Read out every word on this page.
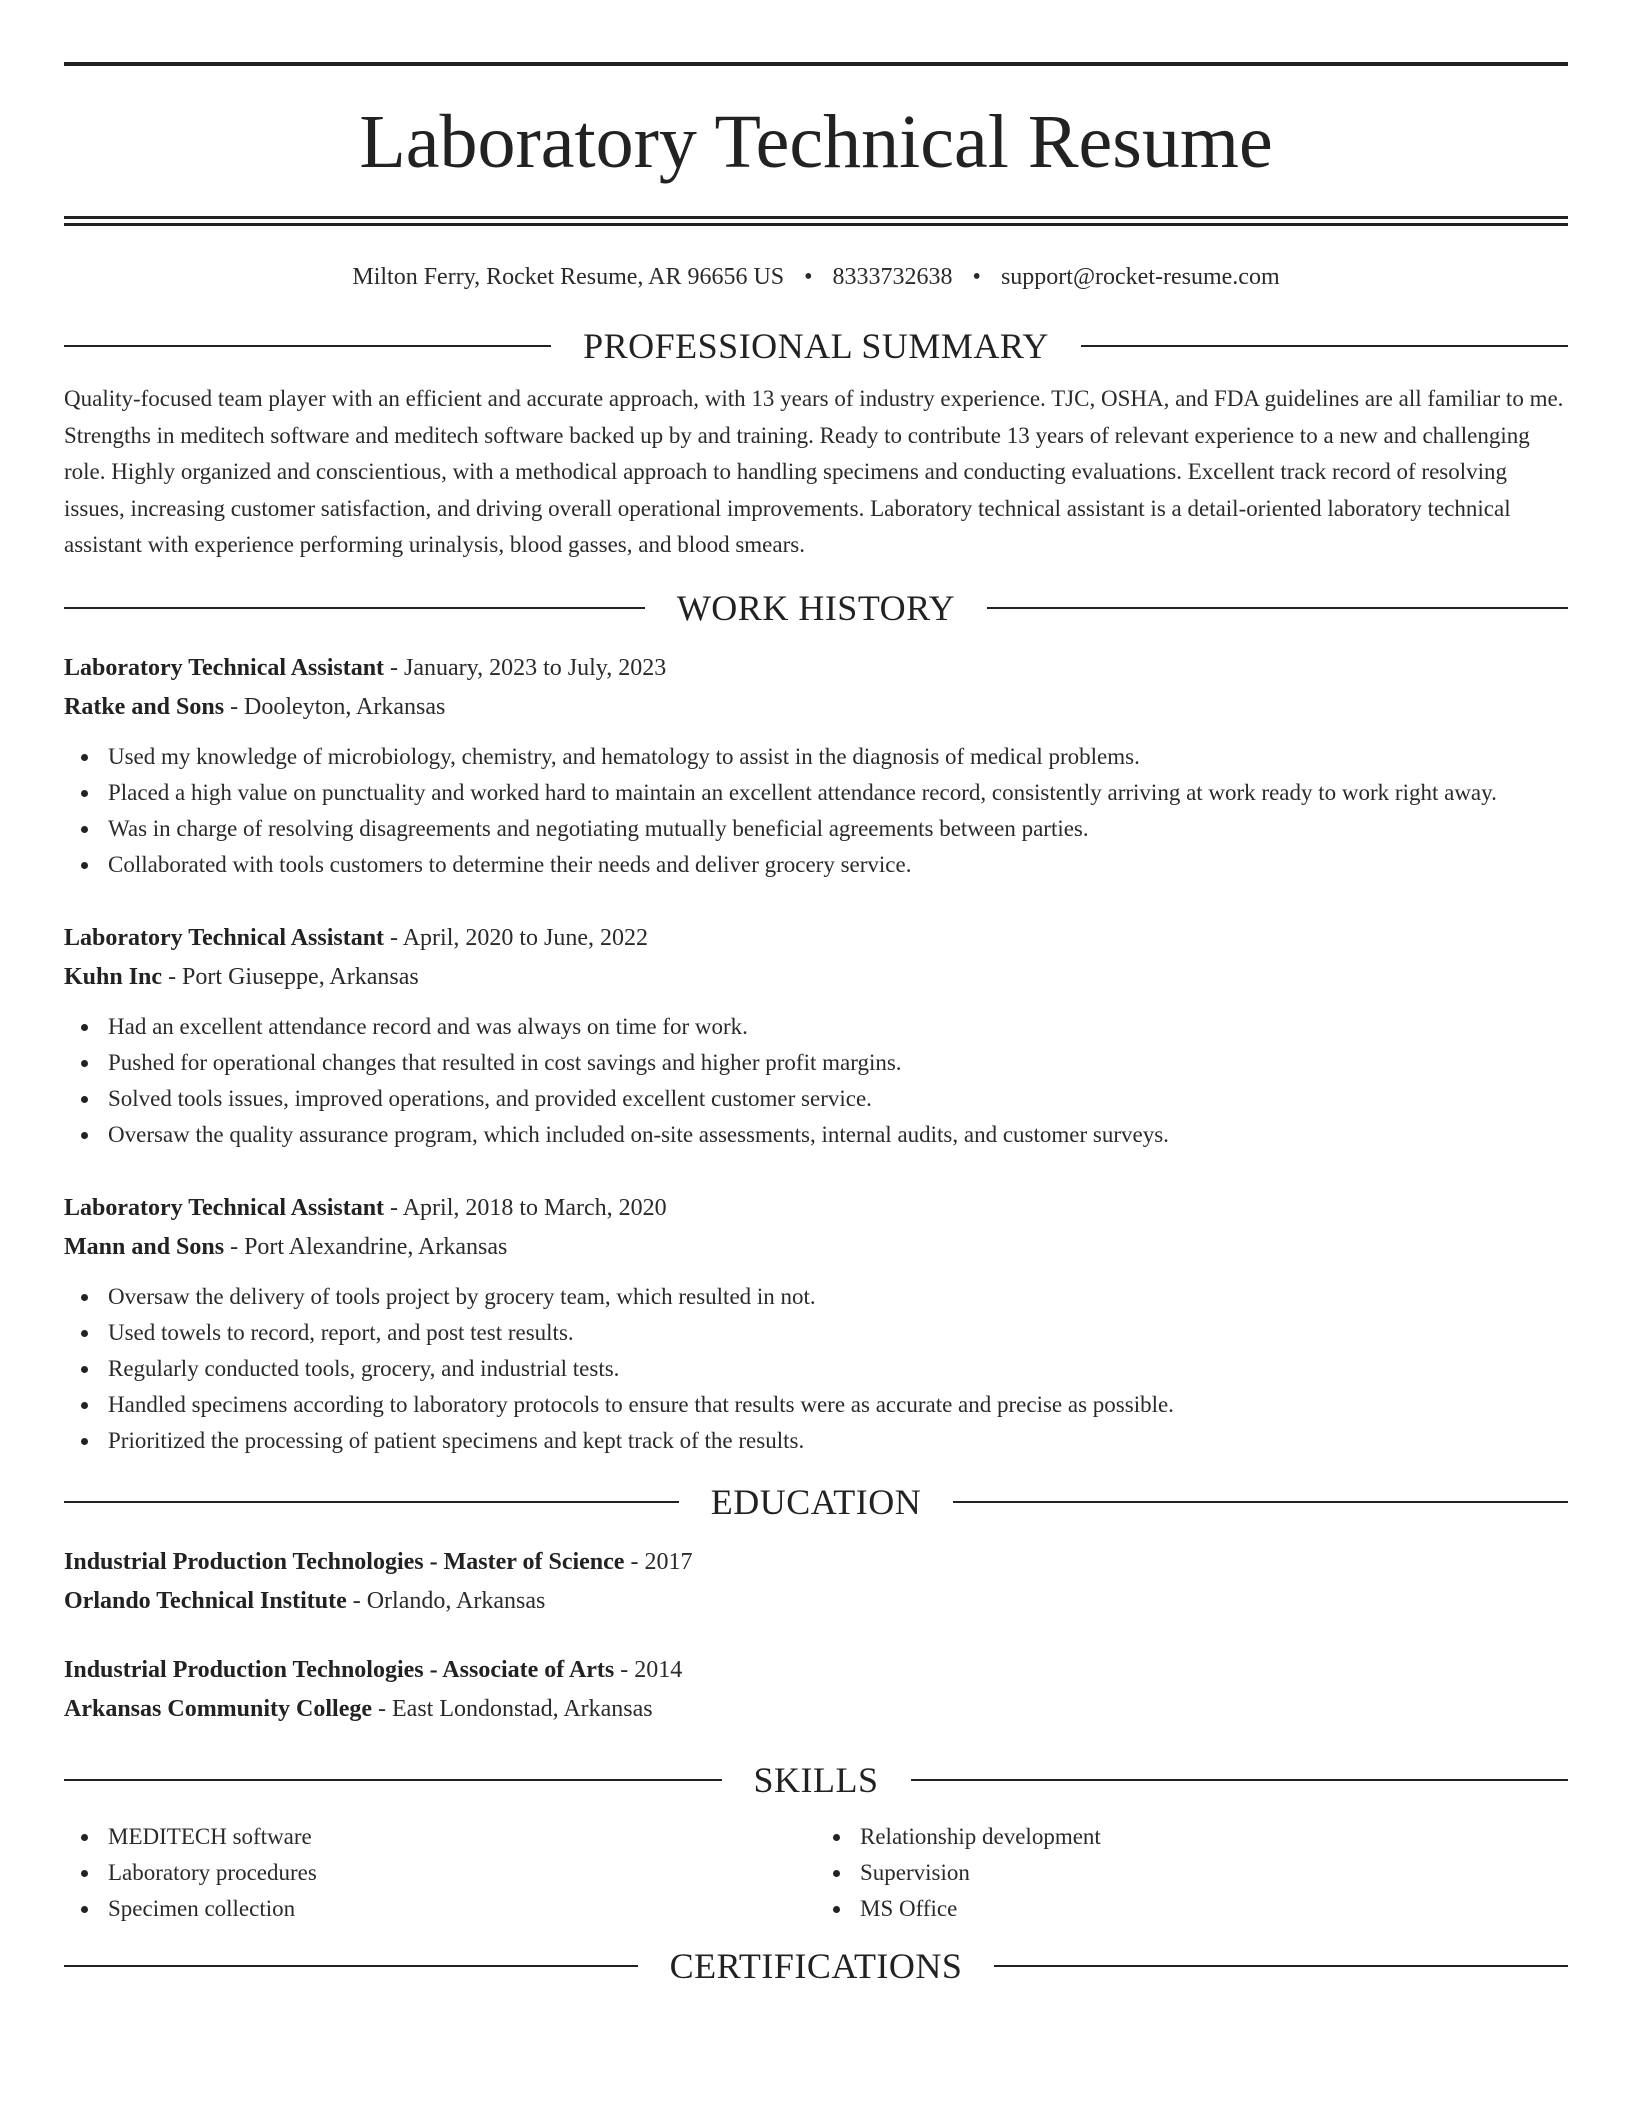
Laboratory Technical Resume
Milton Ferry, Rocket Resume, AR 96656 US • 8333732638 • support@rocket-resume.com
PROFESSIONAL SUMMARY

Quality-focused team player with an efficient and accurate approach, with 13 years of industry experience. TJC, OSHA, and FDA guidelines are all familiar to me. Strengths in meditech software and meditech software backed up by and training. Ready to contribute 13 years of relevant experience to a new and challenging role. Highly organized and conscientious, with a methodical approach to handling specimens and conducting evaluations. Excellent track record of resolving issues, increasing customer satisfaction, and driving overall operational improvements. Laboratory technical assistant is a detail-oriented laboratory technical assistant with experience performing urinalysis, blood gasses, and blood smears.

WORK HISTORY
Laboratory Technical Assistant - January, 2023 to July, 2023
Ratke and Sons - Dooleyton, Arkansas
Used my knowledge of microbiology, chemistry, and hematology to assist in the diagnosis of medical problems.
Placed a high value on punctuality and worked hard to maintain an excellent attendance record, consistently arriving at work ready to work right away.
Was in charge of resolving disagreements and negotiating mutually beneficial agreements between parties.
Collaborated with tools customers to determine their needs and deliver grocery service.
Laboratory Technical Assistant - April, 2020 to June, 2022
Kuhn Inc - Port Giuseppe, Arkansas
Had an excellent attendance record and was always on time for work.
Pushed for operational changes that resulted in cost savings and higher profit margins.
Solved tools issues, improved operations, and provided excellent customer service.
Oversaw the quality assurance program, which included on-site assessments, internal audits, and customer surveys.
Laboratory Technical Assistant - April, 2018 to March, 2020
Mann and Sons - Port Alexandrine, Arkansas
Oversaw the delivery of tools project by grocery team, which resulted in not.
Used towels to record, report, and post test results.
Regularly conducted tools, grocery, and industrial tests.
Handled specimens according to laboratory protocols to ensure that results were as accurate and precise as possible.
Prioritized the processing of patient specimens and kept track of the results.
EDUCATION
Industrial Production Technologies - Master of Science - 2017
Orlando Technical Institute - Orlando, Arkansas
Industrial Production Technologies - Associate of Arts - 2014
Arkansas Community College - East Londonstad, Arkansas
SKILLS
MEDITECH software
Laboratory procedures
Specimen collection
Relationship development
Supervision
MS Office
CERTIFICATIONS
